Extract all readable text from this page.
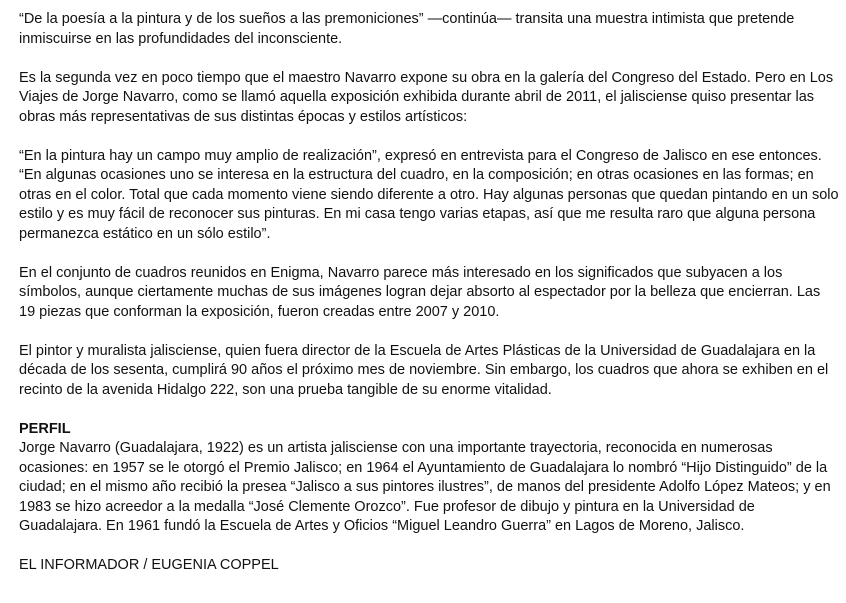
“De la poesía a la pintura y de los sueños a las premoniciones” —continúa— transita una muestra intimista que pretende inmiscuirse en las profundidades del inconsciente.

Es la segunda vez en poco tiempo que el maestro Navarro expone su obra en la galería del Congreso del Estado. Pero en Los Viajes de Jorge Navarro, como se llamó aquella exposición exhibida durante abril de 2011, el jalisciense quiso presentar las obras más representativas de sus distintas épocas y estilos artísticos:

“En la pintura hay un campo muy amplio de realización”, expresó en entrevista para el Congreso de Jalisco en ese entonces. “En algunas ocasiones uno se interesa en la estructura del cuadro, en la composición; en otras ocasiones en las formas; en otras en el color. Total que cada momento viene siendo diferente a otro. Hay algunas personas que quedan pintando en un solo estilo y es muy fácil de reconocer sus pinturas. En mi casa tengo varias etapas, así que me resulta raro que alguna persona permanezca estático en un sólo estilo”.

En el conjunto de cuadros reunidos en Enigma, Navarro parece más interesado en los significados que subyacen a los símbolos, aunque ciertamente muchas de sus imágenes logran dejar absorto al espectador por la belleza que encierran. Las 19 piezas que conforman la exposición, fueron creadas entre 2007 y 2010.

El pintor y muralista jalisciense, quien fuera director de la Escuela de Artes Plásticas de la Universidad de Guadalajara en la década de los sesenta, cumplirá 90 años el próximo mes de noviembre. Sin embargo, los cuadros que ahora se exhiben en el recinto de la avenida Hidalgo 222, son una prueba tangible de su enorme vitalidad.

PERFIL

Jorge Navarro (Guadalajara, 1922) es un artista jalisciense con una importante trayectoria, reconocida en numerosas ocasiones: en 1957 se le otorgó el Premio Jalisco; en 1964 el Ayuntamiento de Guadalajara lo nombró “Hijo Distinguido” de la ciudad; en el mismo año recibió la presea “Jalisco a sus pintores ilustres”, de manos del presidente Adolfo López Mateos; y en 1983 se hizo acreedor a la medalla “José Clemente Orozco”. Fue profesor de dibujo y pintura en la Universidad de Guadalajara. En 1961 fundó la Escuela de Artes y Oficios “Miguel Leandro Guerra” en Lagos de Moreno, Jalisco.

EL INFORMADOR / EUGENIA COPPEL
